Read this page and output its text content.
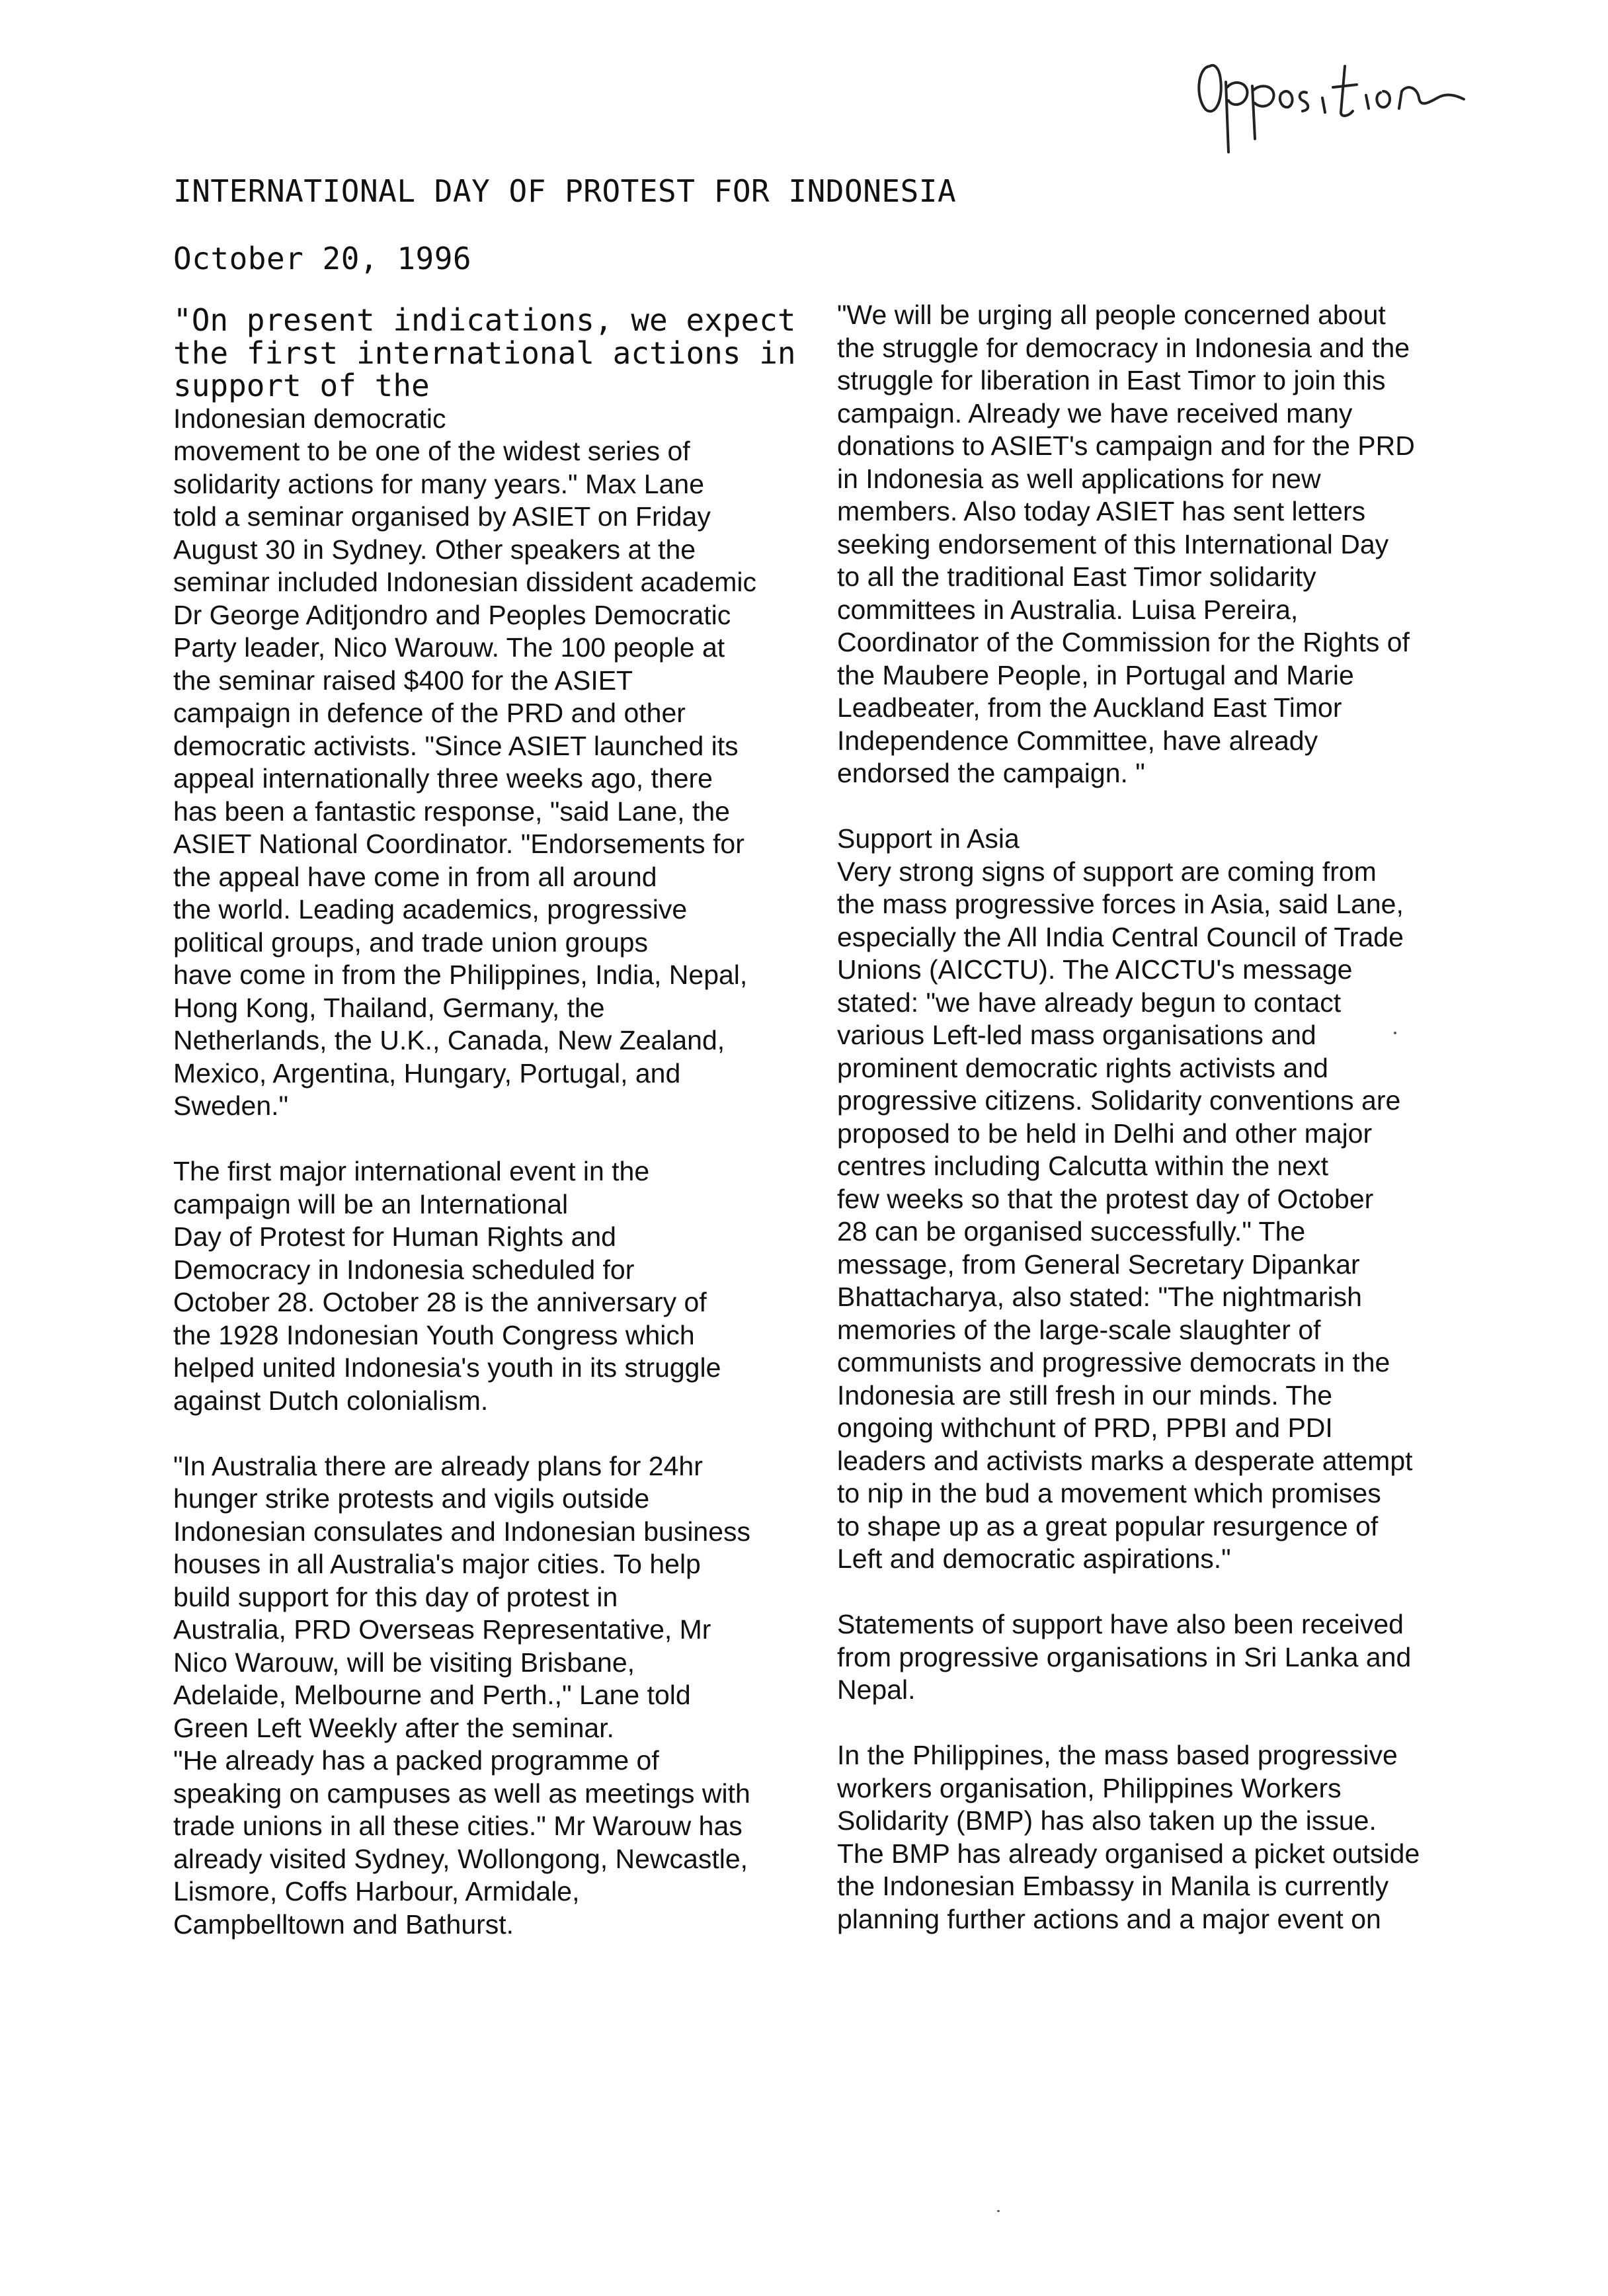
INTERNATIONAL DAY OF PROTEST FOR INDONESIA
October 20, 1996

"On present indications, we expect
the first international actions in
support of the
Indonesian democratic
movement to be one of the widest series of
solidarity actions for many years." Max Lane
told a seminar organised by ASIET on Friday
August 30 in Sydney. Other speakers at the
seminar included Indonesian dissident academic
Dr George Aditjondro and Peoples Democratic
Party leader, Nico Warouw. The 100 people at
the seminar raised $400 for the ASIET
campaign in defence of the PRD and other
democratic activists. "Since ASIET launched its
appeal internationally three weeks ago, there
has been a fantastic response, "said Lane, the
ASIET National Coordinator. "Endorsements for
the appeal have come in from all around
the world. Leading academics, progressive
political groups, and trade union groups
have come in from the Philippines, India, Nepal,
Hong Kong, Thailand, Germany, the
Netherlands, the U.K., Canada, New Zealand,
Mexico, Argentina, Hungary, Portugal, and
Sweden."

The first major international event in the
campaign will be an International
Day of Protest for Human Rights and
Democracy in Indonesia scheduled for
October 28. October 28 is the anniversary of
the 1928 Indonesian Youth Congress which
helped united Indonesia's youth in its struggle
against Dutch colonialism.

"In Australia there are already plans for 24hr
hunger strike protests and vigils outside
Indonesian consulates and Indonesian business
houses in all Australia's major cities. To help
build support for this day of protest in
Australia, PRD Overseas Representative, Mr
Nico Warouw, will be visiting Brisbane,
Adelaide, Melbourne and Perth.," Lane told
Green Left Weekly after the seminar.
"He already has a packed programme of
speaking on campuses as well as meetings with
trade unions in all these cities." Mr Warouw has
already visited Sydney, Wollongong, Newcastle,
Lismore, Coffs Harbour, Armidale,
Campbelltown and Bathurst.

"We will be urging all people concerned about
the struggle for democracy in Indonesia and the
struggle for liberation in East Timor to join this
campaign. Already we have received many
donations to ASIET's campaign and for the PRD
in Indonesia as well applications for new
members. Also today ASIET has sent letters
seeking endorsement of this International Day
to all the traditional East Timor solidarity
committees in Australia. Luisa Pereira,
Coordinator of the Commission for the Rights of
the Maubere People, in Portugal and Marie
Leadbeater, from the Auckland East Timor
Independence Committee, have already
endorsed the campaign. "

Support in Asia

Very strong signs of support are coming from
the mass progressive forces in Asia, said Lane,
especially the All India Central Council of Trade
Unions (AICCTU). The AICCTU's message
stated: "we have already begun to contact
various Left-led mass organisations and
prominent democratic rights activists and
progressive citizens. Solidarity conventions are
proposed to be held in Delhi and other major
centres including Calcutta within the next
few weeks so that the protest day of October
28 can be organised successfully." The
message, from General Secretary Dipankar
Bhattacharya, also stated: "The nightmarish
memories of the large-scale slaughter of
communists and progressive democrats in the
Indonesia are still fresh in our minds. The
ongoing withchunt of PRD, PPBI and PDI
leaders and activists marks a desperate attempt
to nip in the bud a movement which promises
to shape up as a great popular resurgence of
Left and democratic aspirations."

Statements of support have also been received
from progressive organisations in Sri Lanka and
Nepal.

In the Philippines, the mass based progressive
workers organisation, Philippines Workers
Solidarity (BMP) has also taken up the issue.
The BMP has already organised a picket outside
the Indonesian Embassy in Manila is currently
planning further actions and a major event on
